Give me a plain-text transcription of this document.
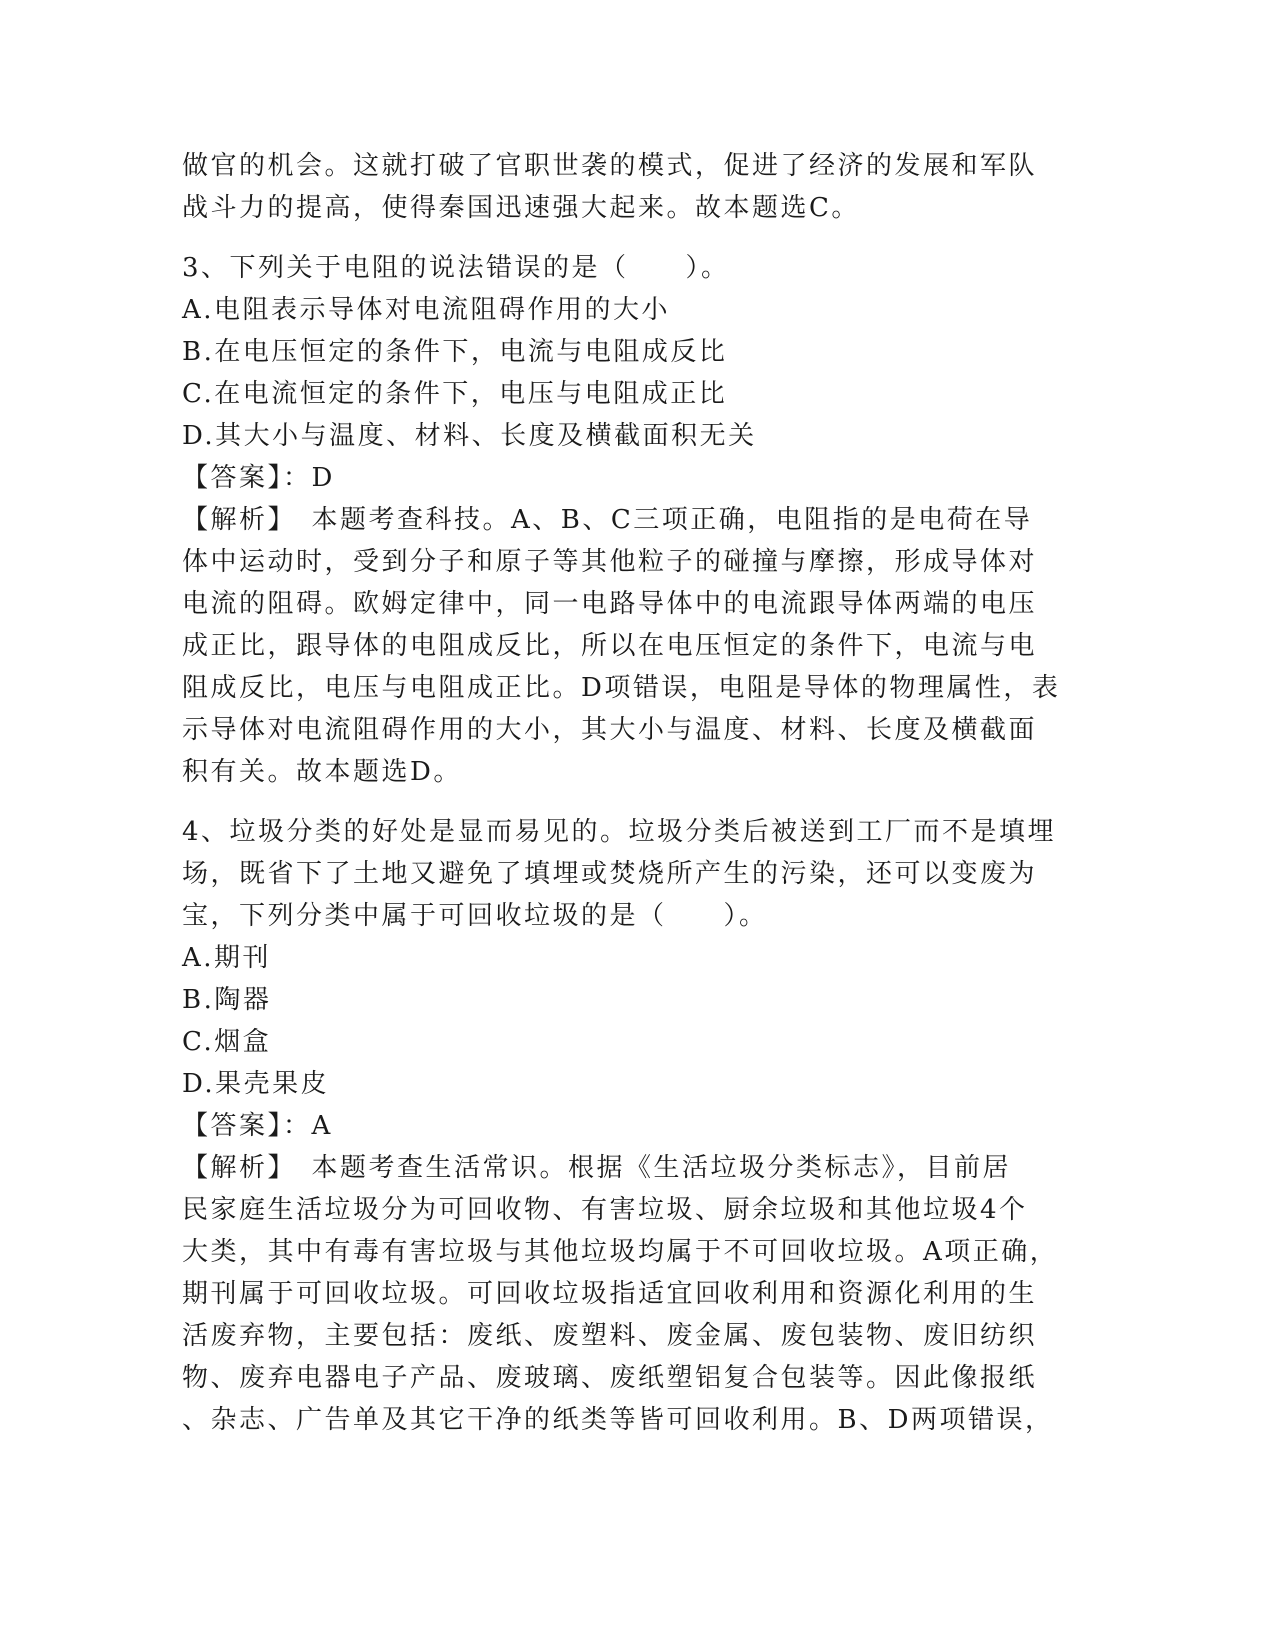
做官的机会。这就打破了官职世袭的模式，促进了经济的发展和军队
战斗力的提高，使得秦国迅速强大起来。故本题选C。
3、下列关于电阻的说法错误的是（　　）。
A.电阻表示导体对电流阻碍作用的大小
B.在电压恒定的条件下，电流与电阻成反比
C.在电流恒定的条件下，电压与电阻成正比
D.其大小与温度、材料、长度及横截面积无关
【答案】：D
【解析】　本题考查科技。A、B、C三项正确，电阻指的是电荷在导
体中运动时，受到分子和原子等其他粒子的碰撞与摩擦，形成导体对
电流的阻碍。欧姆定律中，同一电路导体中的电流跟导体两端的电压
成正比，跟导体的电阻成反比，所以在电压恒定的条件下，电流与电
阻成反比，电压与电阻成正比。D项错误，电阻是导体的物理属性，表
示导体对电流阻碍作用的大小，其大小与温度、材料、长度及横截面
积有关。故本题选D。
4、垃圾分类的好处是显而易见的。垃圾分类后被送到工厂而不是填埋
场，既省下了土地又避免了填埋或焚烧所产生的污染，还可以变废为
宝，下列分类中属于可回收垃圾的是（　　）。
A.期刊
B.陶器
C.烟盒
D.果壳果皮
【答案】：A
【解析】　本题考查生活常识。根据《生活垃圾分类标志》，目前居
民家庭生活垃圾分为可回收物、有害垃圾、厨余垃圾和其他垃圾4个
大类，其中有毒有害垃圾与其他垃圾均属于不可回收垃圾。A项正确，
期刊属于可回收垃圾。可回收垃圾指适宜回收利用和资源化利用的生
活废弃物，主要包括：废纸、废塑料、废金属、废包装物、废旧纺织
物、废弃电器电子产品、废玻璃、废纸塑铝复合包装等。因此像报纸
、杂志、广告单及其它干净的纸类等皆可回收利用。B、D两项错误，
